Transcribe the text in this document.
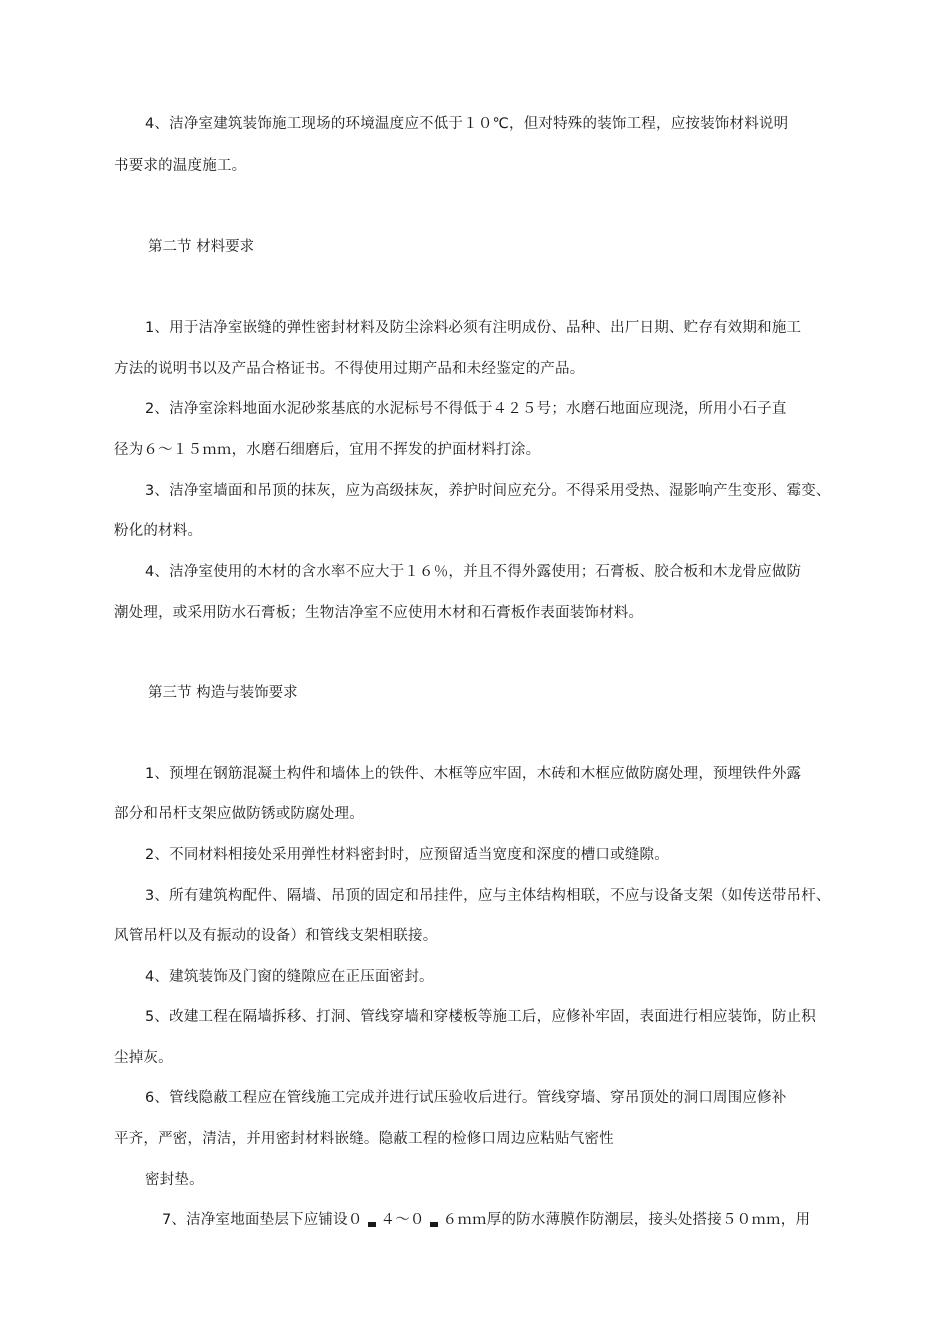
4、洁净室建筑装饰施工现场的环境温度应不低于１０℃，但对特殊的装饰工程，应按装饰材料说明
书要求的温度施工。
第二节 材料要求
1、用于洁净室嵌缝的弹性密封材料及防尘涂料必须有注明成份、品种、出厂日期、贮存有效期和施工
方法的说明书以及产品合格证书。不得使用过期产品和未经鉴定的产品。
2、洁净室涂料地面水泥砂浆基底的水泥标号不得低于４２５号；水磨石地面应现浇，所用小石子直
径为６～１５ｍｍ，水磨石细磨后，宜用不挥发的护面材料打涂。
3、洁净室墙面和吊顶的抹灰，应为高级抹灰，养护时间应充分。不得采用受热、湿影响产生变形、霉变、
粉化的材料。
4、洁净室使用的木材的含水率不应大于１６％，并且不得外露使用；石膏板、胶合板和木龙骨应做防
潮处理，或采用防水石膏板；生物洁净室不应使用木材和石膏板作表面装饰材料。
第三节 构造与装饰要求
1、预埋在钢筋混凝土构件和墙体上的铁件、木框等应牢固，木砖和木框应做防腐处理，预埋铁件外露
部分和吊杆支架应做防锈或防腐处理。
2、不同材料相接处采用弹性材料密封时，应预留适当宽度和深度的槽口或缝隙。
3、所有建筑构配件、隔墙、吊顶的固定和吊挂件，应与主体结构相联，不应与设备支架（如传送带吊杆、
风管吊杆以及有振动的设备）和管线支架相联接。
4、建筑装饰及门窗的缝隙应在正压面密封。
5、改建工程在隔墙拆移、打洞、管线穿墙和穿楼板等施工后，应修补牢固，表面进行相应装饰，防止积
尘掉灰。
6、管线隐蔽工程应在管线施工完成并进行试压验收后进行。管线穿墙、穿吊顶处的洞口周围应修补
平齐，严密，清洁，并用密封材料嵌缝。隐蔽工程的检修口周边应粘贴气密性
密封垫。
7、洁净室地面垫层下应铺设０ ４～０ ６ｍｍ厚的防水薄膜作防潮层，接头处搭接５０ｍｍ，用
